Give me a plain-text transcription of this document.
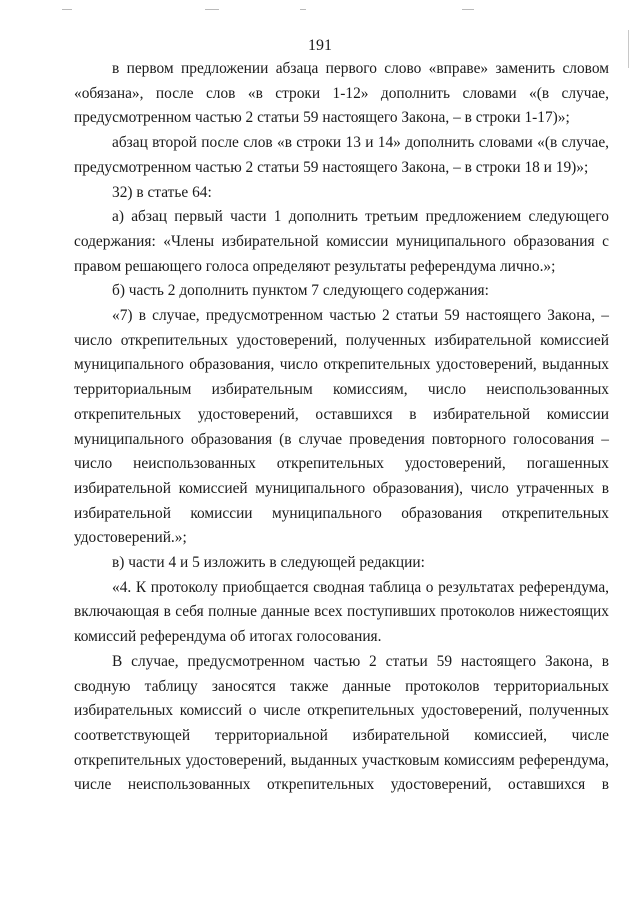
191

в первом предложении абзаца первого слово «вправе» заменить словом «обязана», после слов «в строки 1-12» дополнить словами «(в случае, предусмотренном частью 2 статьи 59 настоящего Закона, – в строки 1-17)»;

абзац второй после слов «в строки 13 и 14» дополнить словами «(в случае, предусмотренном частью 2 статьи 59 настоящего Закона, – в строки 18 и 19)»;

32) в статье 64:

а) абзац первый части 1 дополнить третьим предложением следующего содержания: «Члены избирательной комиссии муниципального образования с правом решающего голоса определяют результаты референдума лично.»;

б) часть 2 дополнить пунктом 7 следующего содержания:

«7) в случае, предусмотренном частью 2 статьи 59 настоящего Закона, – число открепительных удостоверений, полученных избирательной комиссией муниципального образования, число открепительных удостоверений, выданных территориальным избирательным комиссиям, число неиспользованных открепительных удостоверений, оставшихся в избирательной комиссии муниципального образования (в случае проведения повторного голосования – число неиспользованных открепительных удостоверений, погашенных избирательной комиссией муниципального образования), число утраченных в избирательной комиссии муниципального образования открепительных удостоверений.»;

в) части 4 и 5 изложить в следующей редакции:

«4. К протоколу приобщается сводная таблица о результатах референдума, включающая в себя полные данные всех поступивших протоколов нижестоящих комиссий референдума об итогах голосования.

В случае, предусмотренном частью 2 статьи 59 настоящего Закона, в сводную таблицу заносятся также данные протоколов территориальных избирательных комиссий о числе открепительных удостоверений, полученных соответствующей территориальной избирательной комиссией, числе открепительных удостоверений, выданных участковым комиссиям референдума, числе неиспользованных открепительных удостоверений, оставшихся в
